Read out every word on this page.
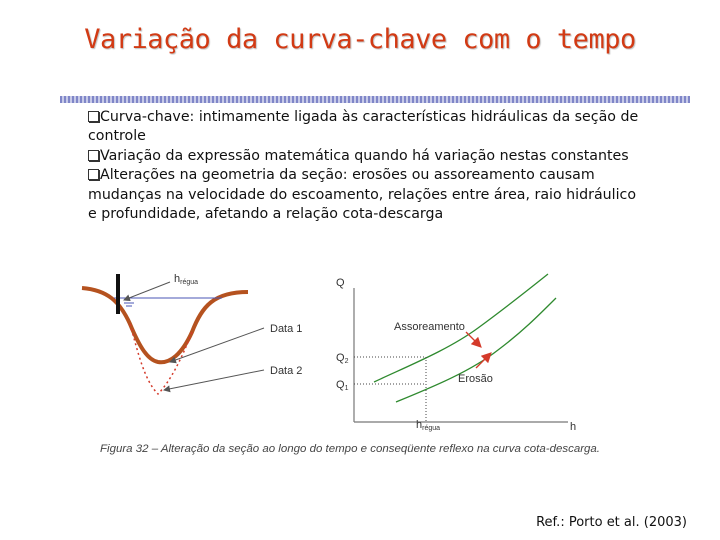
Variação da curva-chave com o tempo

Curva-chave: intimamente ligada às características hidráulicas da seção de controle

Variação da expressão matemática quando há variação nestas constantes

Alterações na geometria da seção: erosões ou assoreamento causam mudanças na velocidade do escoamento, relações entre área, raio hidráulico e profundidade, afetando a relação cota-descarga

hrégua
Data 1
Data 2
Q
h
Q2
Q1
hrégua
Assoreamento
Erosão
Figura 32 – Alteração da seção ao longo do tempo e conseqüente reflexo na curva cota-descarga.
Ref.: Porto et al. (2003)
